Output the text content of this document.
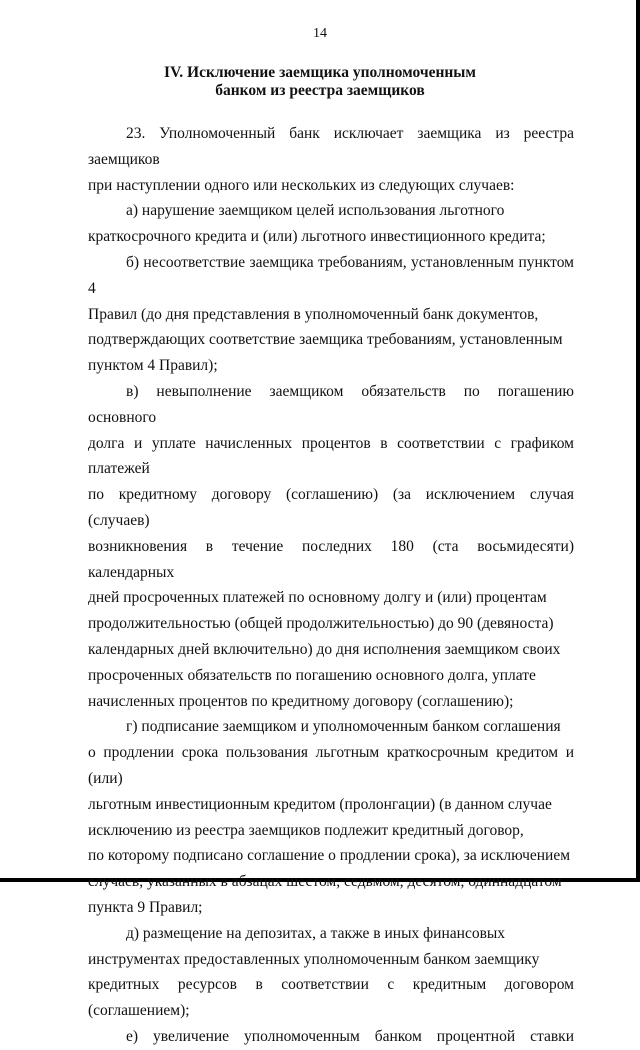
14
IV. Исключение заемщика уполномоченным
банком из реестра заемщиков

23. Уполномоченный банк исключает заемщика из реестра заемщиков
при наступлении одного или нескольких из следующих случаев:

а) нарушение заемщиком целей использования льготного
краткосрочного кредита и (или) льготного инвестиционного кредита;

б) несоответствие заемщика требованиям, установленным пунктом 4
Правил (до дня представления в уполномоченный банк документов,
подтверждающих соответствие заемщика требованиям, установленным
пунктом 4 Правил);

в) невыполнение заемщиком обязательств по погашению основного
долга и уплате начисленных процентов в соответствии с графиком платежей
по кредитному договору (соглашению) (за исключением случая (случаев)
возникновения в течение последних 180 (ста восьмидесяти) календарных
дней просроченных платежей по основному долгу и (или) процентам
продолжительностью (общей продолжительностью) до 90 (девяноста)
календарных дней включительно) до дня исполнения заемщиком своих
просроченных обязательств по погашению основного долга, уплате
начисленных процентов по кредитному договору (соглашению);

г) подписание заемщиком и уполномоченным банком соглашения
о продлении срока пользования льготным краткосрочным кредитом и (или)
льготным инвестиционным кредитом (пролонгации) (в данном случае
исключению из реестра заемщиков подлежит кредитный договор,
по которому подписано соглашение о продлении срока), за исключением
случаев, указанных в абзацах шестом, седьмом, десятом, одиннадцатом
пункта 9 Правил;

д) размещение на депозитах, а также в иных финансовых
инструментах предоставленных уполномоченным банком заемщику
кредитных ресурсов в соответствии с кредитным договором (соглашением);

е) увеличение уполномоченным банком процентной ставки
